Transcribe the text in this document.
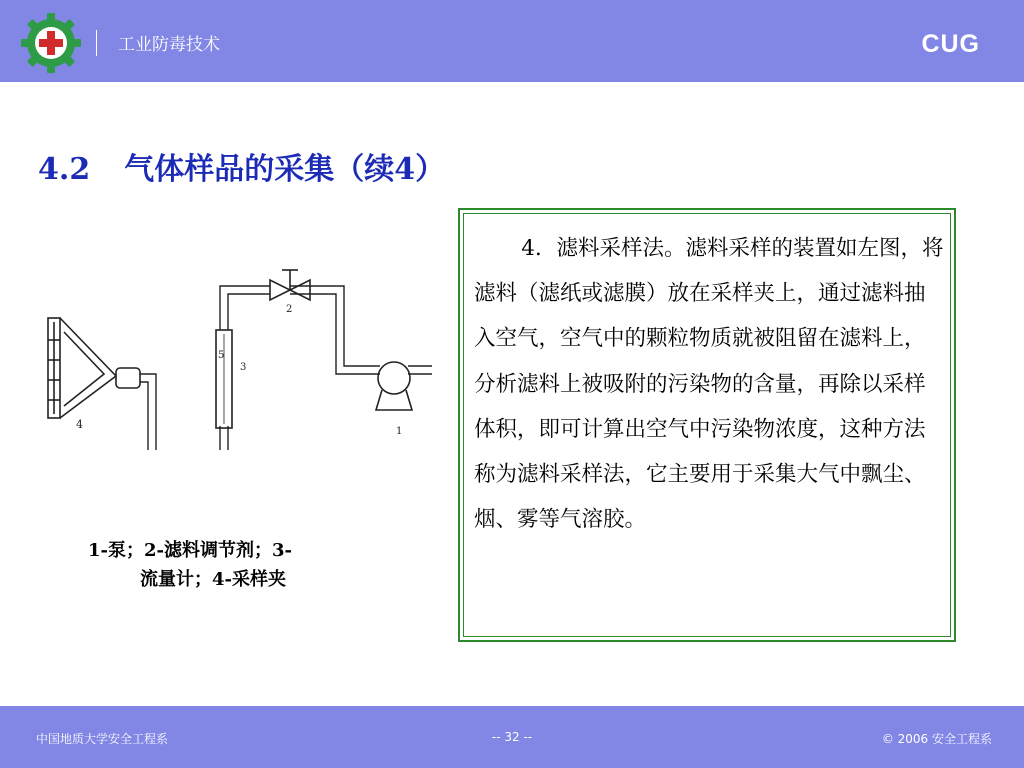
工业防毒技术	CUG
4.2 气体样品的采集（续4）
4
5
3
2
1
1-泵；2-滤料调节剂；3-
流量计；4-采样夹
4．滤料采样法。滤料采样的装置如左图，将滤料（滤纸或滤膜）放在采样夹上，通过滤料抽入空气，空气中的颗粒物质就被阻留在滤料上，分析滤料上被吸附的污染物的含量，再除以采样体积，即可计算出空气中污染物浓度，这种方法称为滤料采样法，它主要用于采集大气中飘尘、烟、雾等气溶胶。
中国地质大学安全工程系	-- 32 --	© 2006 安全工程系
